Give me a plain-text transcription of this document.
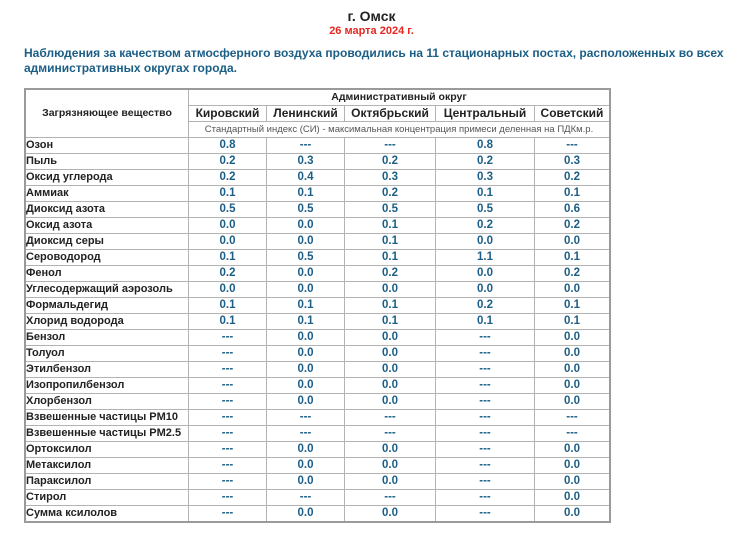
г. Омск
26 марта 2024 г.
Наблюдения за качеством атмосферного воздуха проводились на 11 стационарных постах, расположенных во всех административных округах города.
Загрязняющее вещество	Административный округ				
	Кировский	Ленинский	Октябрьский	Центральный	Советский
	Стандартный индекс (СИ) - максимальная концентрация примеси деленная на ПДКм.р.				
Озон	0.8	---	---	0.8	---
Пыль	0.2	0.3	0.2	0.2	0.3
Оксид углерода	0.2	0.4	0.3	0.3	0.2
Аммиак	0.1	0.1	0.2	0.1	0.1
Диоксид азота	0.5	0.5	0.5	0.5	0.6
Оксид азота	0.0	0.0	0.1	0.2	0.2
Диоксид серы	0.0	0.0	0.1	0.0	0.0
Сероводород	0.1	0.5	0.1	1.1	0.1
Фенол	0.2	0.0	0.2	0.0	0.2
Углесодержащий аэрозоль	0.0	0.0	0.0	0.0	0.0
Формальдегид	0.1	0.1	0.1	0.2	0.1
Хлорид водорода	0.1	0.1	0.1	0.1	0.1
Бензол	---	0.0	0.0	---	0.0
Толуол	---	0.0	0.0	---	0.0
Этилбензол	---	0.0	0.0	---	0.0
Изопропилбензол	---	0.0	0.0	---	0.0
Хлорбензол	---	0.0	0.0	---	0.0
Взвешенные частицы PM10	---	---	---	---	---
Взвешенные частицы PM2.5	---	---	---	---	---
Ортоксилол	---	0.0	0.0	---	0.0
Метаксилол	---	0.0	0.0	---	0.0
Параксилол	---	0.0	0.0	---	0.0
Стирол	---	---	---	---	0.0
Сумма ксилолов	---	0.0	0.0	---	0.0
